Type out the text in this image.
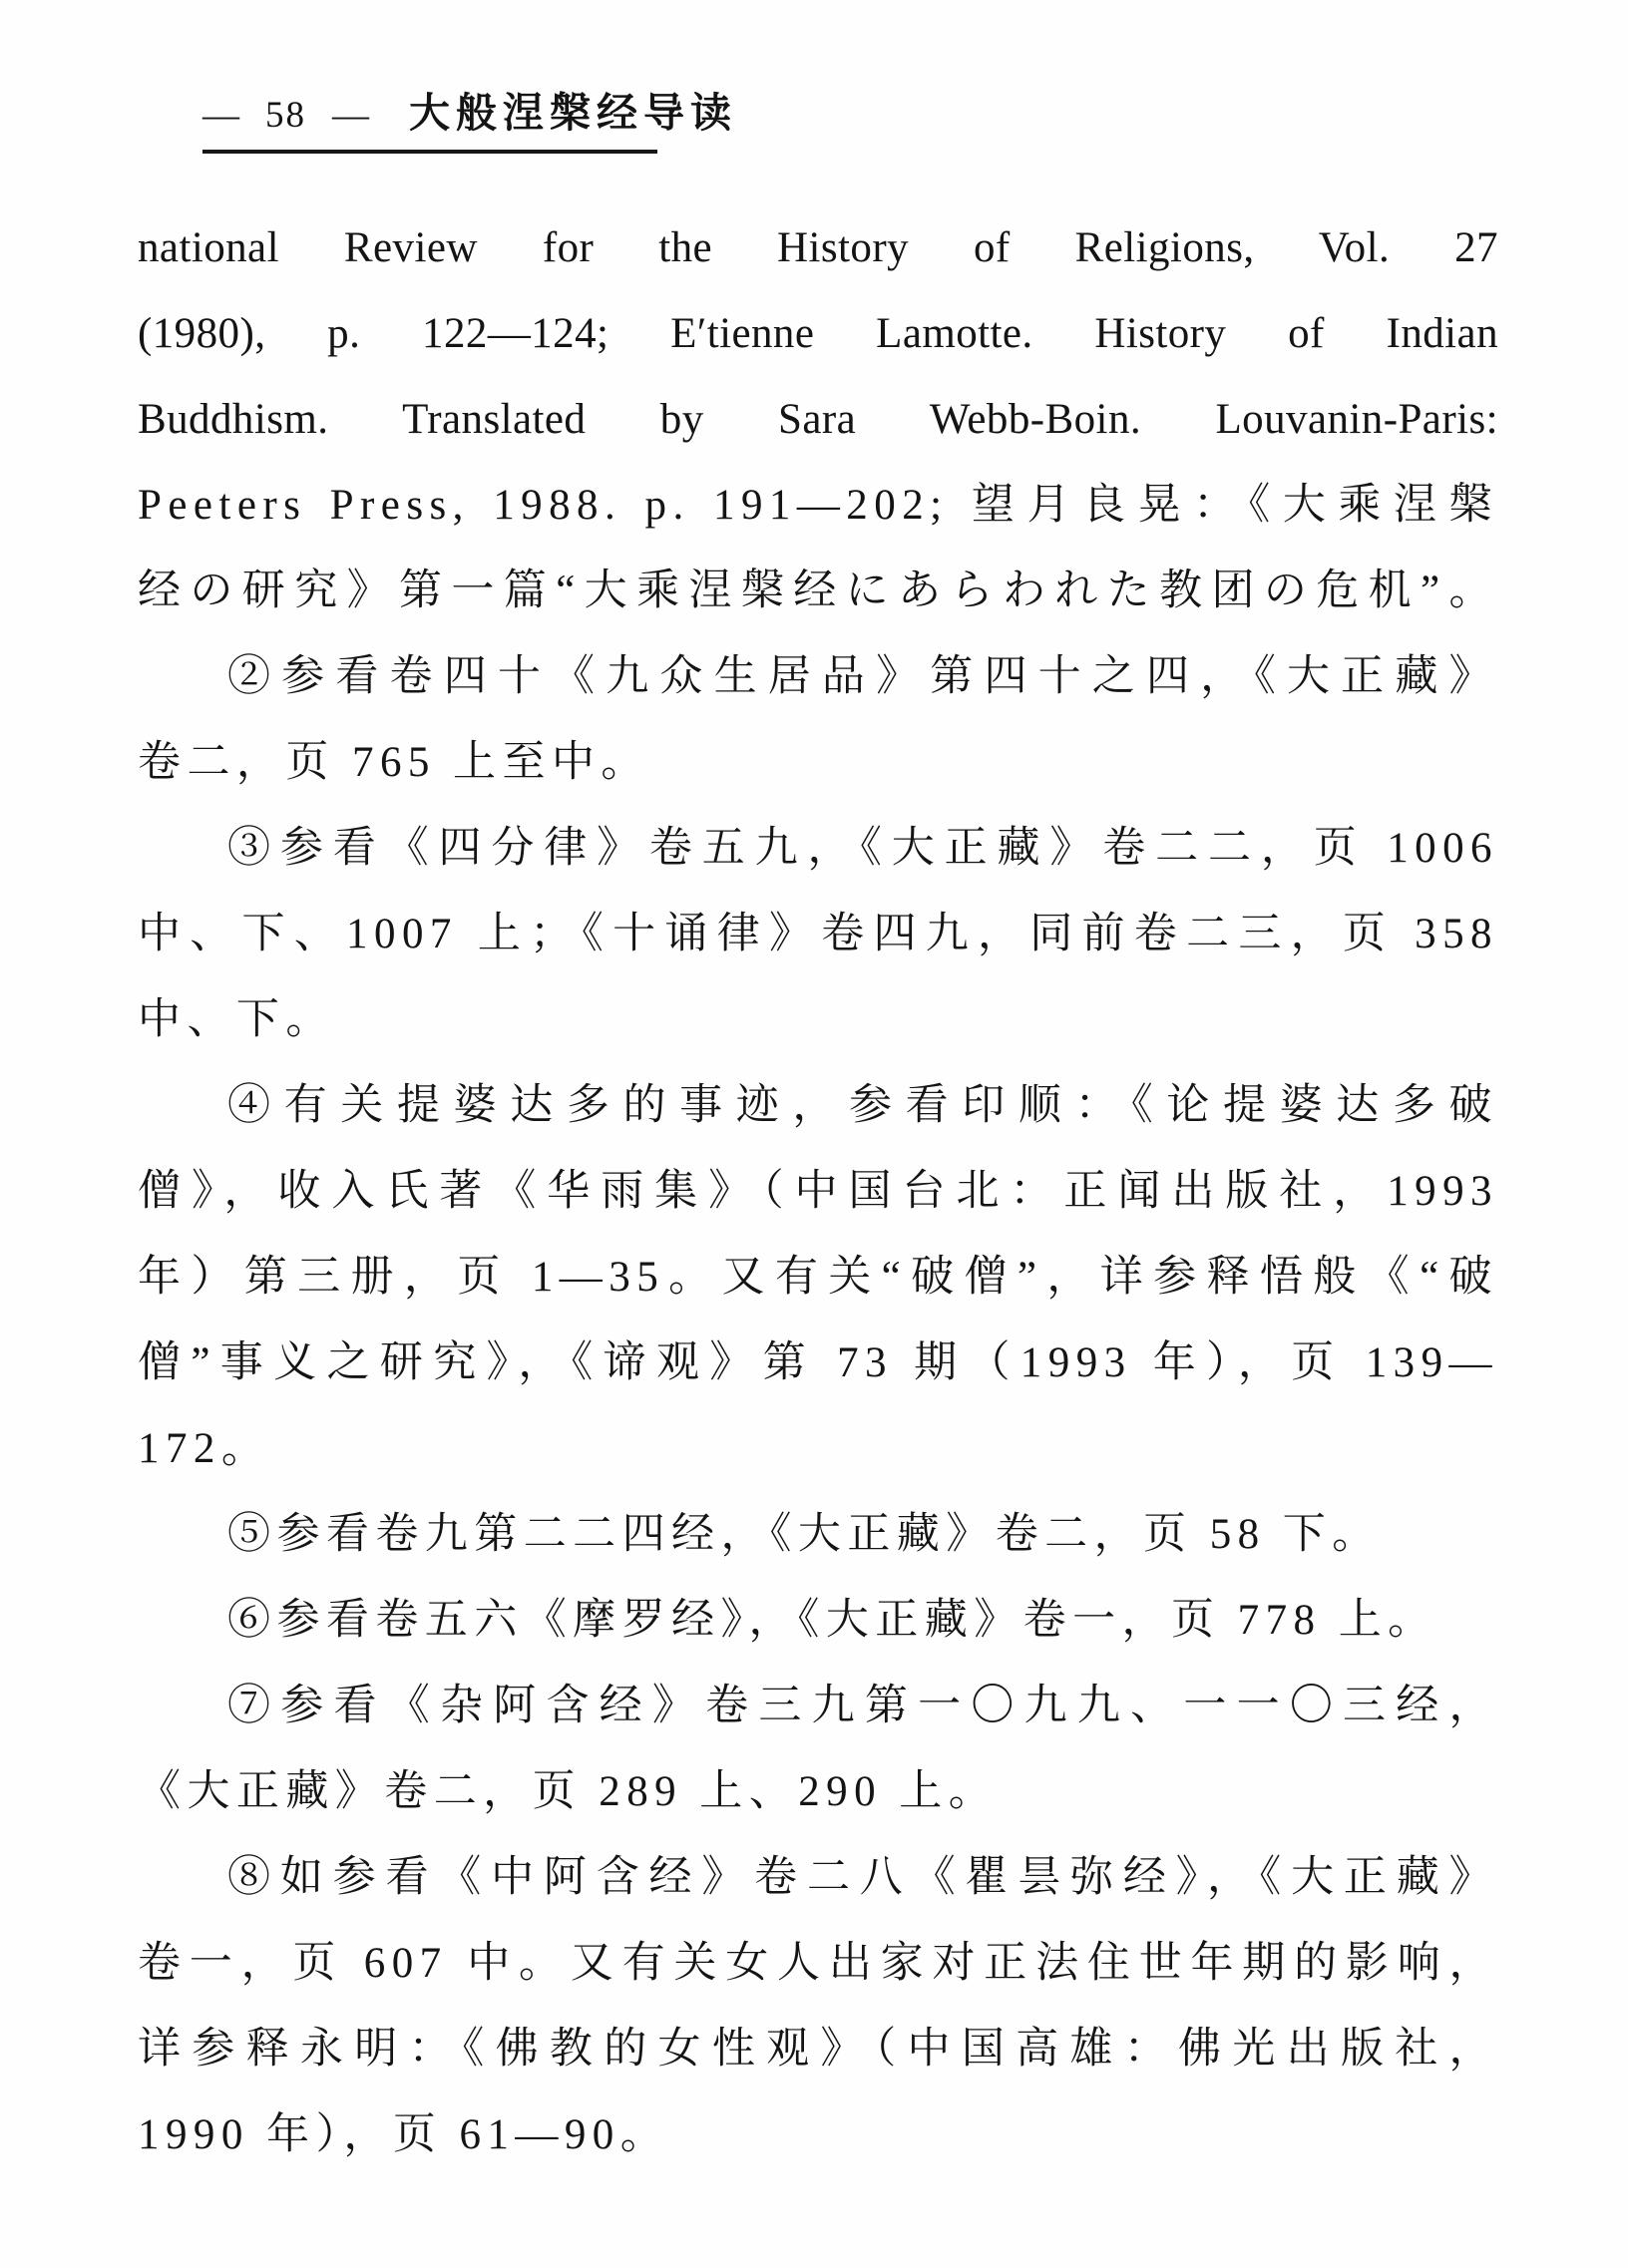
— 58 — 大般涅槃经导读
national Review for the History of Religions, Vol. 27
(1980), p. 122—124; E′tienne Lamotte. History of Indian
Buddhism. Translated by Sara Webb-Boin. Louvanin-Paris:
Peeters Press, 1988. p. 191—202; 望月良晃：《大乘涅槃
经の研究》第一篇“大乘涅槃经にあらわれた教团の危机”。
②参看卷四十《九众生居品》第四十之四，《大正藏》
卷二，页 765 上至中。
③参看《四分律》卷五九，《大正藏》卷二二，页 1006
中、下、1007 上；《十诵律》卷四九，同前卷二三，页 358
中、下。
④有关提婆达多的事迹，参看印顺：《论提婆达多破
僧》，收入氏著《华雨集》（中国台北：正闻出版社，1993
年）第三册，页 1—35。又有关“破僧”，详参释悟般《“破
僧”事义之研究》，《谛观》第 73 期（1993 年），页 139—
172。
⑤参看卷九第二二四经，《大正藏》卷二，页 58 下。
⑥参看卷五六《摩罗经》，《大正藏》卷一，页 778 上。
⑦参看《杂阿含经》卷三九第一〇九九、一一〇三经，
《大正藏》卷二，页 289 上、290 上。
⑧如参看《中阿含经》卷二八《瞿昙弥经》，《大正藏》
卷一，页 607 中。又有关女人出家对正法住世年期的影响，
详参释永明：《佛教的女性观》（中国高雄：佛光出版社，
1990 年），页 61—90。
